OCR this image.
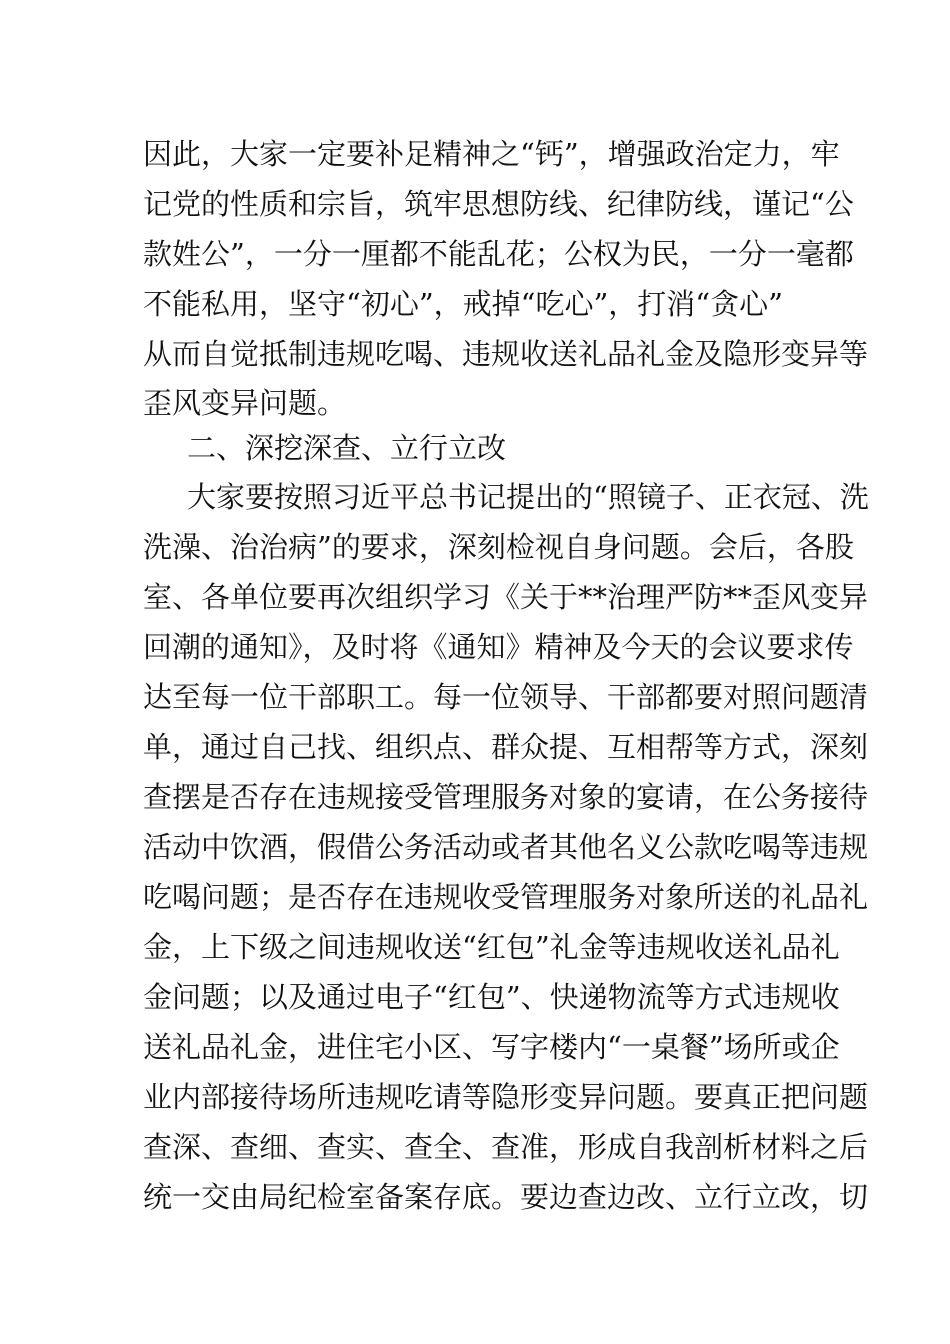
因此，大家一定要补足精神之“钙”，增强政治定力，牢
记党的性质和宗旨，筑牢思想防线、纪律防线，谨记“公
款姓公”，一分一厘都不能乱花；公权为民，一分一毫都
不能私用，坚守“初心”，戒掉“吃心”，打消“贪心”
从而自觉抵制违规吃喝、违规收送礼品礼金及隐形变异等
歪风变异问题。
二、深挖深查、立行立改
大家要按照习近平总书记提出的“照镜子、正衣冠、洗
洗澡、治治病”的要求，深刻检视自身问题。会后，各股
室、各单位要再次组织学习《关于**治理严防**歪风变异
回潮的通知》，及时将《通知》精神及今天的会议要求传
达至每一位干部职工。每一位领导、干部都要对照问题清
单，通过自己找、组织点、群众提、互相帮等方式，深刻
查摆是否存在违规接受管理服务对象的宴请，在公务接待
活动中饮酒，假借公务活动或者其他名义公款吃喝等违规
吃喝问题；是否存在违规收受管理服务对象所送的礼品礼
金，上下级之间违规收送“红包”礼金等违规收送礼品礼
金问题；以及通过电子“红包”、快递物流等方式违规收
送礼品礼金，进住宅小区、写字楼内“一桌餐”场所或企
业内部接待场所违规吃请等隐形变异问题。要真正把问题
查深、查细、查实、查全、查准，形成自我剖析材料之后
统一交由局纪检室备案存底。要边查边改、立行立改，切
